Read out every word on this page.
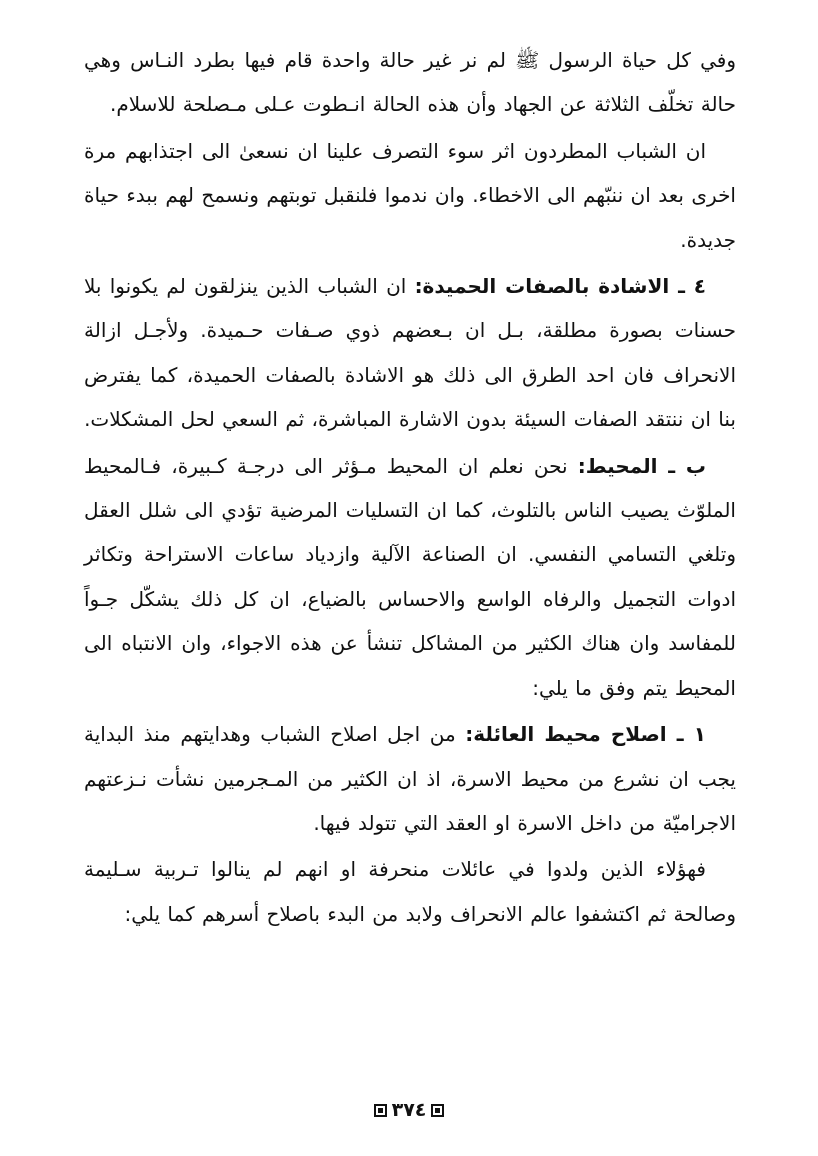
وفي كل حياة الرسول ﷺ لم نر غير حالة واحدة قام فيها بطرد النـاس وهي حالة تخلّف الثلاثة عن الجهاد وأن هذه الحالة انـطوت عـلى مـصلحة للاسلام.

ان الشباب المطردون اثر سوء التصرف علينا ان نسعىٰ الى اجتذابهم مرة اخرى بعد ان ننبّهم الى الاخطاء. وان ندموا فلنقبل توبتهم ونسمح لهم ببدء حياة جديدة.

٤ ـ الاشادة بالصفات الحميدة: ان الشباب الذين ينزلقون لم يكونوا بلا حسنات بصورة مطلقة، بـل ان بـعضهم ذوي صـفات حـميدة. ولأجـل ازالة الانحراف فان احد الطرق الى ذلك هو الاشادة بالصفات الحميدة، كما يفترض بنا ان ننتقد الصفات السيئة بدون الاشارة المباشرة، ثم السعي لحل المشكلات.

ب ـ المحيط: نحن نعلم ان المحيط مـؤثر الى درجـة كـبيرة، فـالمحيط الملوّث يصيب الناس بالتلوث، كما ان التسليات المرضية تؤدي الى شلل العقل وتلغي التسامي النفسي. ان الصناعة الآلية وازدياد ساعات الاستراحة وتكاثر ادوات التجميل والرفاه الواسع والاحساس بالضياع، ان كل ذلك يشكّل جـواً للمفاسد وان هناك الكثير من المشاكل تنشأ عن هذه الاجواء، وان الانتباه الى المحيط يتم وفق ما يلي:

١ ـ اصلاح محيط العائلة: من اجل اصلاح الشباب وهدايتهم منذ البداية يجب ان نشرع من محيط الاسرة، اذ ان الكثير من المـجرمين نشأت نـزعتهم الاجراميّة من داخل الاسرة او العقد التي تتولد فيها.

فهؤلاء الذين ولدوا في عائلات منحرفة او انهم لم ينالوا تـربية سـليمة وصالحة ثم اكتشفوا عالم الانحراف ولابد من البدء باصلاح أسرهم كما يلي:

٣٧٤
